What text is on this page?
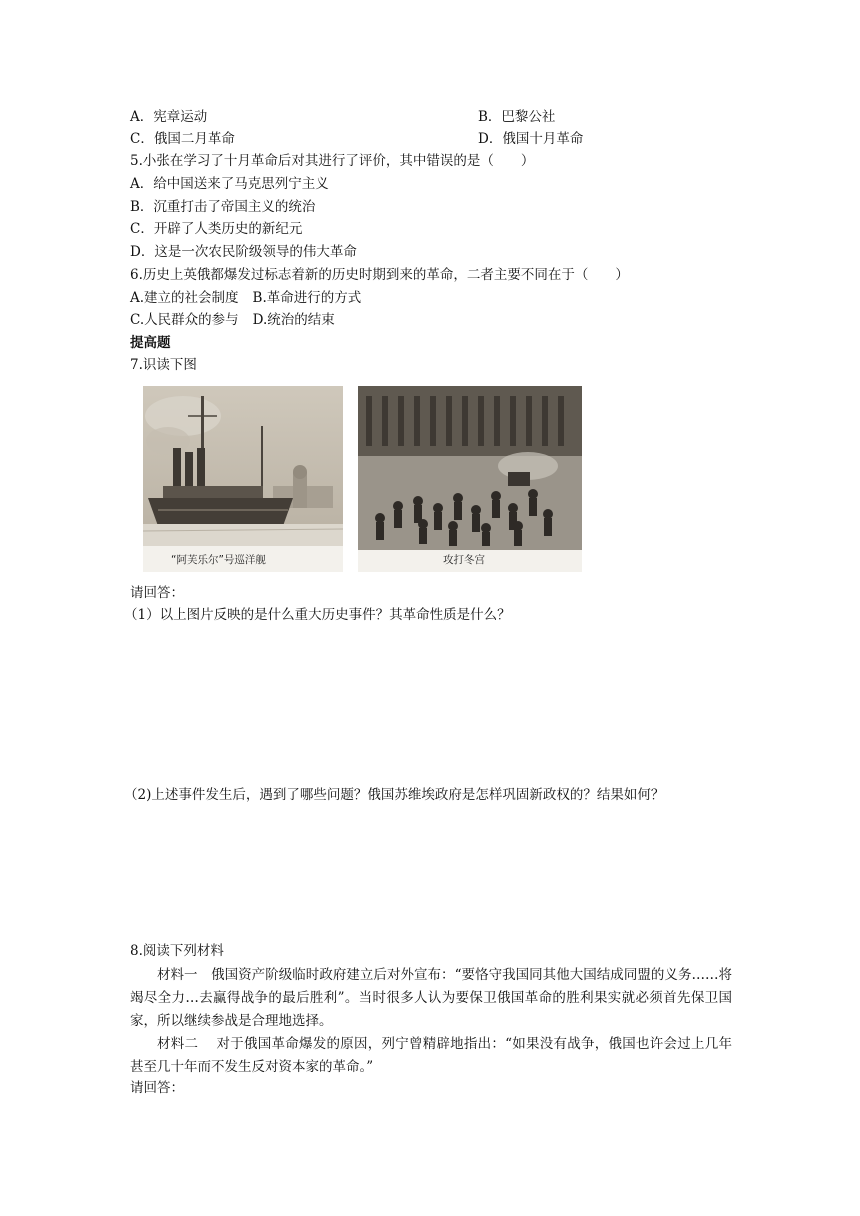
A．宪章运动	B．巴黎公社
C．俄国二月革命	D．俄国十月革命
5.小张在学习了十月革命后对其进行了评价，其中错误的是（　　）
A．给中国送来了马克思列宁主义
B．沉重打击了帝国主义的统治
C．开辟了人类历史的新纪元
D．这是一次农民阶级领导的伟大革命
6.历史上英俄都爆发过标志着新的历史时期到来的革命，二者主要不同在于（　　）
A.建立的社会制度 B.革命进行的方式
C.人民群众的参与 D.统治的结束
提高题
7.识读下图
“阿芙乐尔”号巡洋舰	攻打冬宫
请回答：
（1）以上图片反映的是什么重大历史事件？其革命性质是什么？
（2)上述事件发生后，遇到了哪些问题？俄国苏维埃政府是怎样巩固新政权的？结果如何？
8.阅读下列材料
材料一　俄国资产阶级临时政府建立后对外宣布：“要恪守我国同其他大国结成同盟的义务……将竭尽全力…去赢得战争的最后胜利”。当时很多人认为要保卫俄国革命的胜利果实就必须首先保卫国家，所以继续参战是合理地选择。
材料二　 对于俄国革命爆发的原因，列宁曾精辟地指出：“如果没有战争，俄国也许会过上几年甚至几十年而不发生反对资本家的革命。”
请回答：
